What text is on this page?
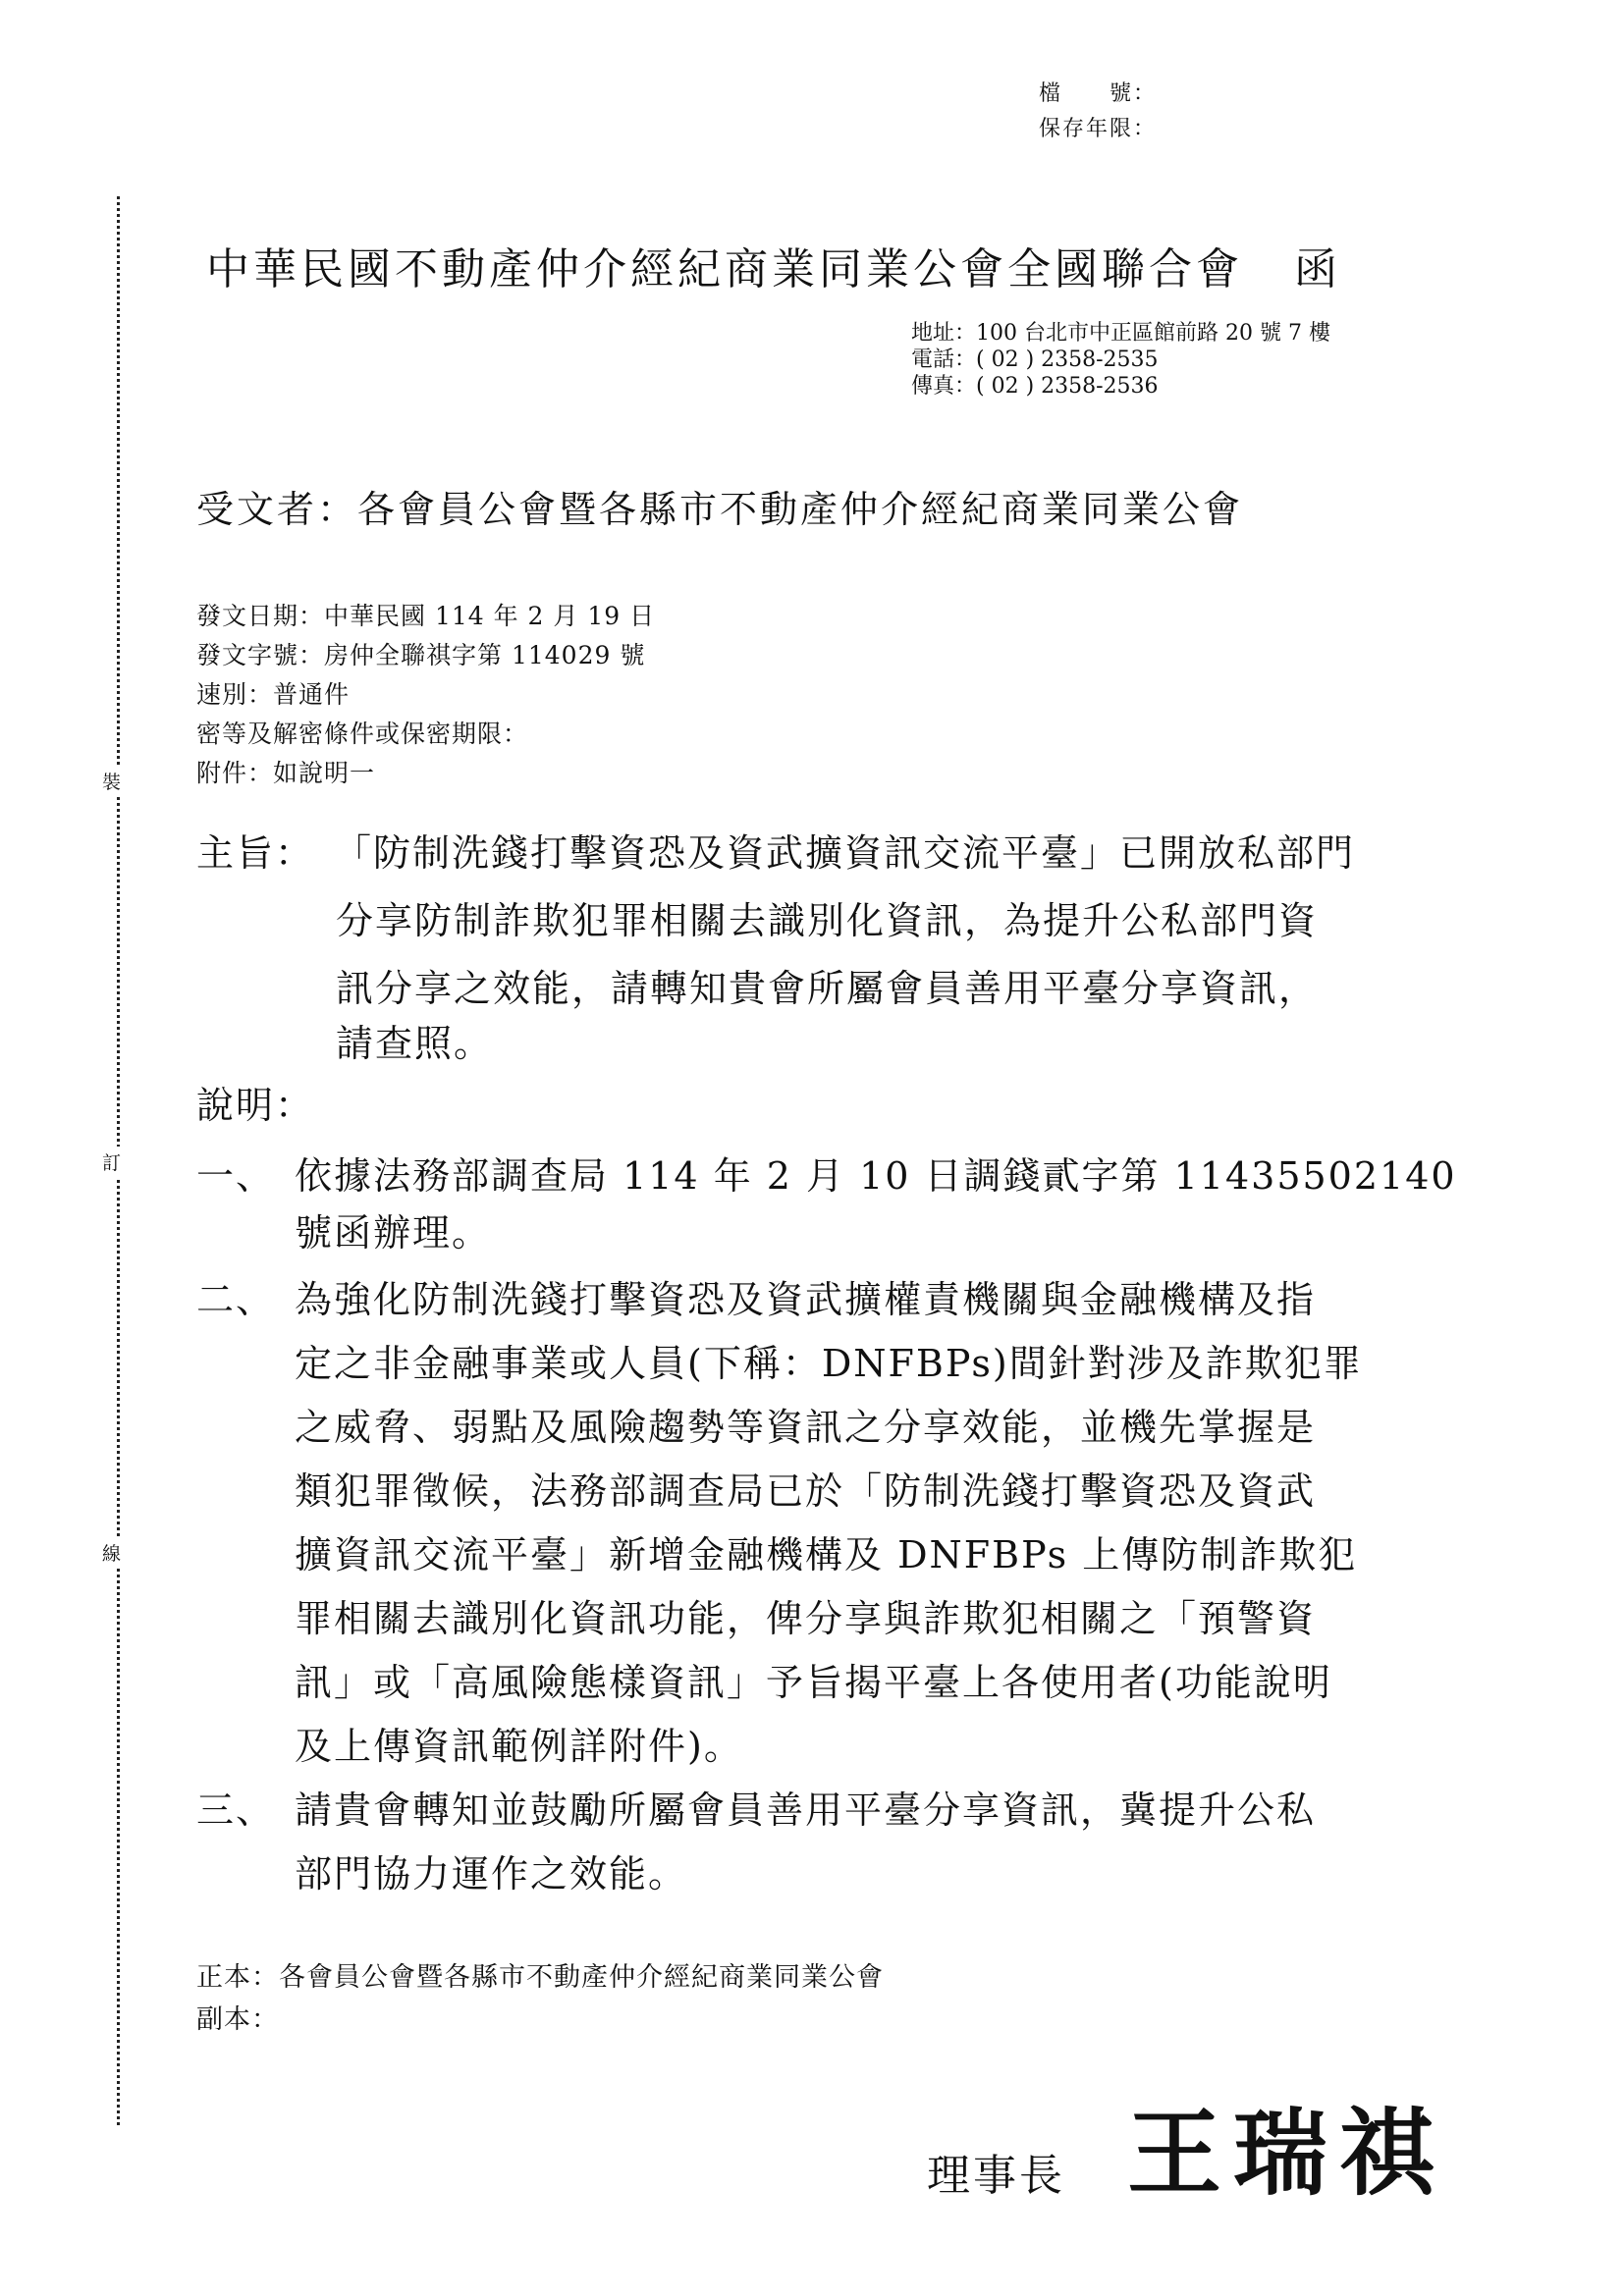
檔　　號：
保存年限：
裝
訂
線
中華民國不動產仲介經紀商業同業公會全國聯合會 函
地址：100 台北市中正區館前路 20 號 7 樓
電話：( 02 ) 2358-2535
傳真：( 02 ) 2358-2536
受文者：各會員公會暨各縣市不動產仲介經紀商業同業公會
發文日期：中華民國 114 年 2 月 19 日
發文字號：房仲全聯祺字第 114029 號
速別：普通件
密等及解密條件或保密期限：
附件：如說明一
主旨： 「防制洗錢打擊資恐及資武擴資訊交流平臺」已開放私部門
分享防制詐欺犯罪相關去識別化資訊，為提升公私部門資
訊分享之效能，請轉知貴會所屬會員善用平臺分享資訊，
請查照。
說明：
一、 依據法務部調查局 114 年 2 月 10 日調錢貳字第 11435502140
號函辦理。
二、 為強化防制洗錢打擊資恐及資武擴權責機關與金融機構及指
定之非金融事業或人員(下稱：DNFBPs)間針對涉及詐欺犯罪
之威脅、弱點及風險趨勢等資訊之分享效能，並機先掌握是
類犯罪徵候，法務部調查局已於「防制洗錢打擊資恐及資武
擴資訊交流平臺」新增金融機構及 DNFBPs 上傳防制詐欺犯
罪相關去識別化資訊功能，俾分享與詐欺犯相關之「預警資
訊」或「高風險態樣資訊」予旨揭平臺上各使用者(功能說明
及上傳資訊範例詳附件)。
三、 請貴會轉知並鼓勵所屬會員善用平臺分享資訊，冀提升公私
部門協力運作之效能。
正本：各會員公會暨各縣市不動產仲介經紀商業同業公會
副本：
理事長 王瑞祺
